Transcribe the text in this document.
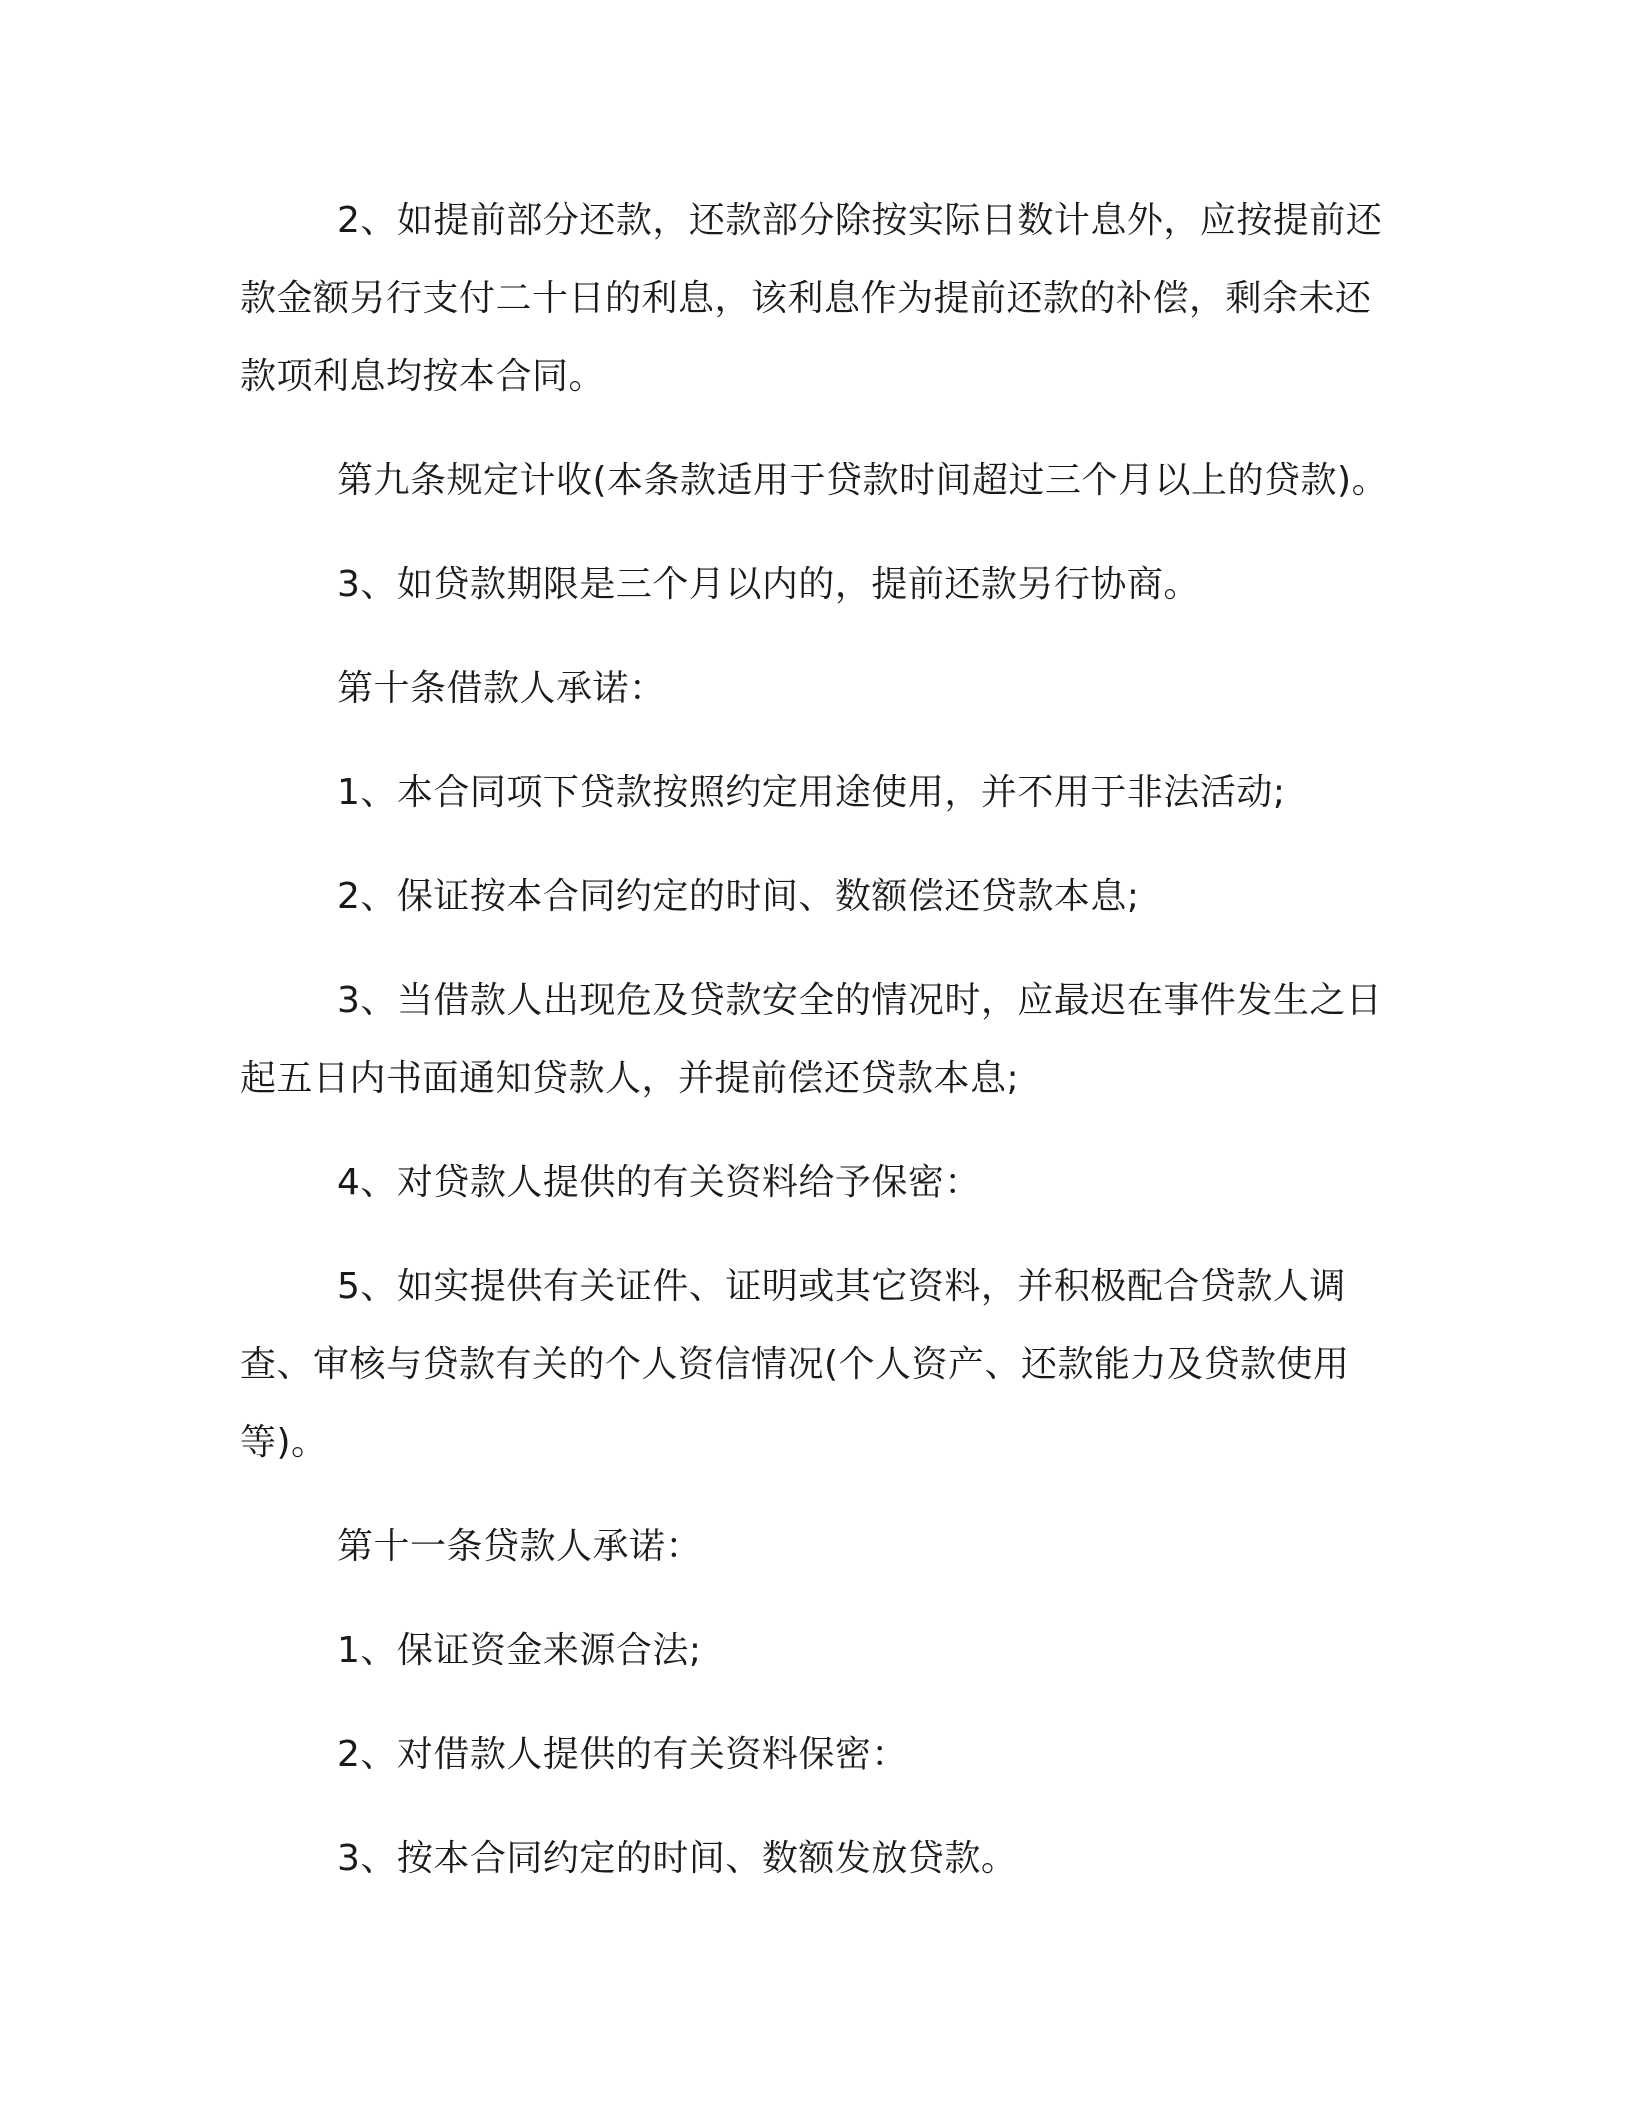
2、如提前部分还款，还款部分除按实际日数计息外，应按提前还款金额另行支付二十日的利息，该利息作为提前还款的补偿，剩余未还款项利息均按本合同。

第九条规定计收(本条款适用于贷款时间超过三个月以上的贷款)。

3、如贷款期限是三个月以内的，提前还款另行协商。

第十条借款人承诺：

1、本合同项下贷款按照约定用途使用，并不用于非法活动;

2、保证按本合同约定的时间、数额偿还贷款本息;

3、当借款人出现危及贷款安全的情况时，应最迟在事件发生之日起五日内书面通知贷款人，并提前偿还贷款本息;

4、对贷款人提供的有关资料给予保密：

5、如实提供有关证件、证明或其它资料，并积极配合贷款人调查、审核与贷款有关的个人资信情况(个人资产、还款能力及贷款使用等)。

第十一条贷款人承诺：

1、保证资金来源合法;

2、对借款人提供的有关资料保密：

3、按本合同约定的时间、数额发放贷款。
